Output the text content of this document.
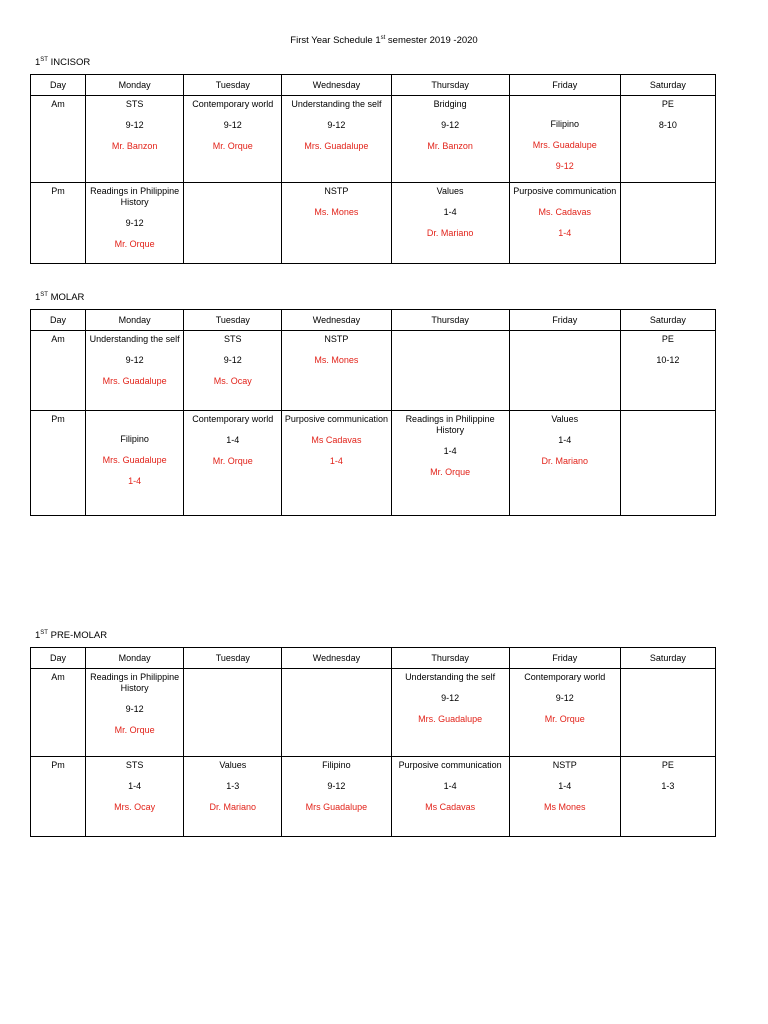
First Year Schedule 1st semester 2019 -2020
1ST INCISOR
Day	Monday	Tuesday	Wednesday	Thursday	Friday	Saturday

Am	STS
9-12
Mr. Banzon	Contemporary world
9-12
Mr. Orque	Understanding the self
9-12
Mrs. Guadalupe	Bridging
9-12
Mr. Banzon	Filipino
Mrs. Guadalupe
9-12	PE
8-10

Pm	Readings in Philippine History
9-12
Mr. Orque		NSTP
Ms. Mones	Values
1-4
Dr. Mariano	Purposive communication
Ms. Cadavas
1-4	

1ST MOLAR
Day	Monday	Tuesday	Wednesday	Thursday	Friday	Saturday

Am	Understanding the self
9-12
Mrs. Guadalupe	STS
9-12
Ms. Ocay	NSTP
Ms. Mones			PE
10-12

Pm	Filipino
Mrs. Guadalupe
1-4	Contemporary world
1-4
Mr. Orque	Purposive communication
Ms Cadavas
1-4	Readings in Philippine History
1-4
Mr. Orque	Values
1-4
Dr. Mariano	

1ST PRE-MOLAR
Day	Monday	Tuesday	Wednesday	Thursday	Friday	Saturday

Am	Readings in Philippine History
9-12
Mr. Orque			Understanding the self
9-12
Mrs. Guadalupe	Contemporary world
9-12
Mr. Orque	

Pm	STS
1-4
Mrs. Ocay	Values
1-3
Dr. Mariano	Filipino
9-12
Mrs Guadalupe	Purposive communication
1-4
Ms Cadavas	NSTP
1-4
Ms Mones	PE
1-3
